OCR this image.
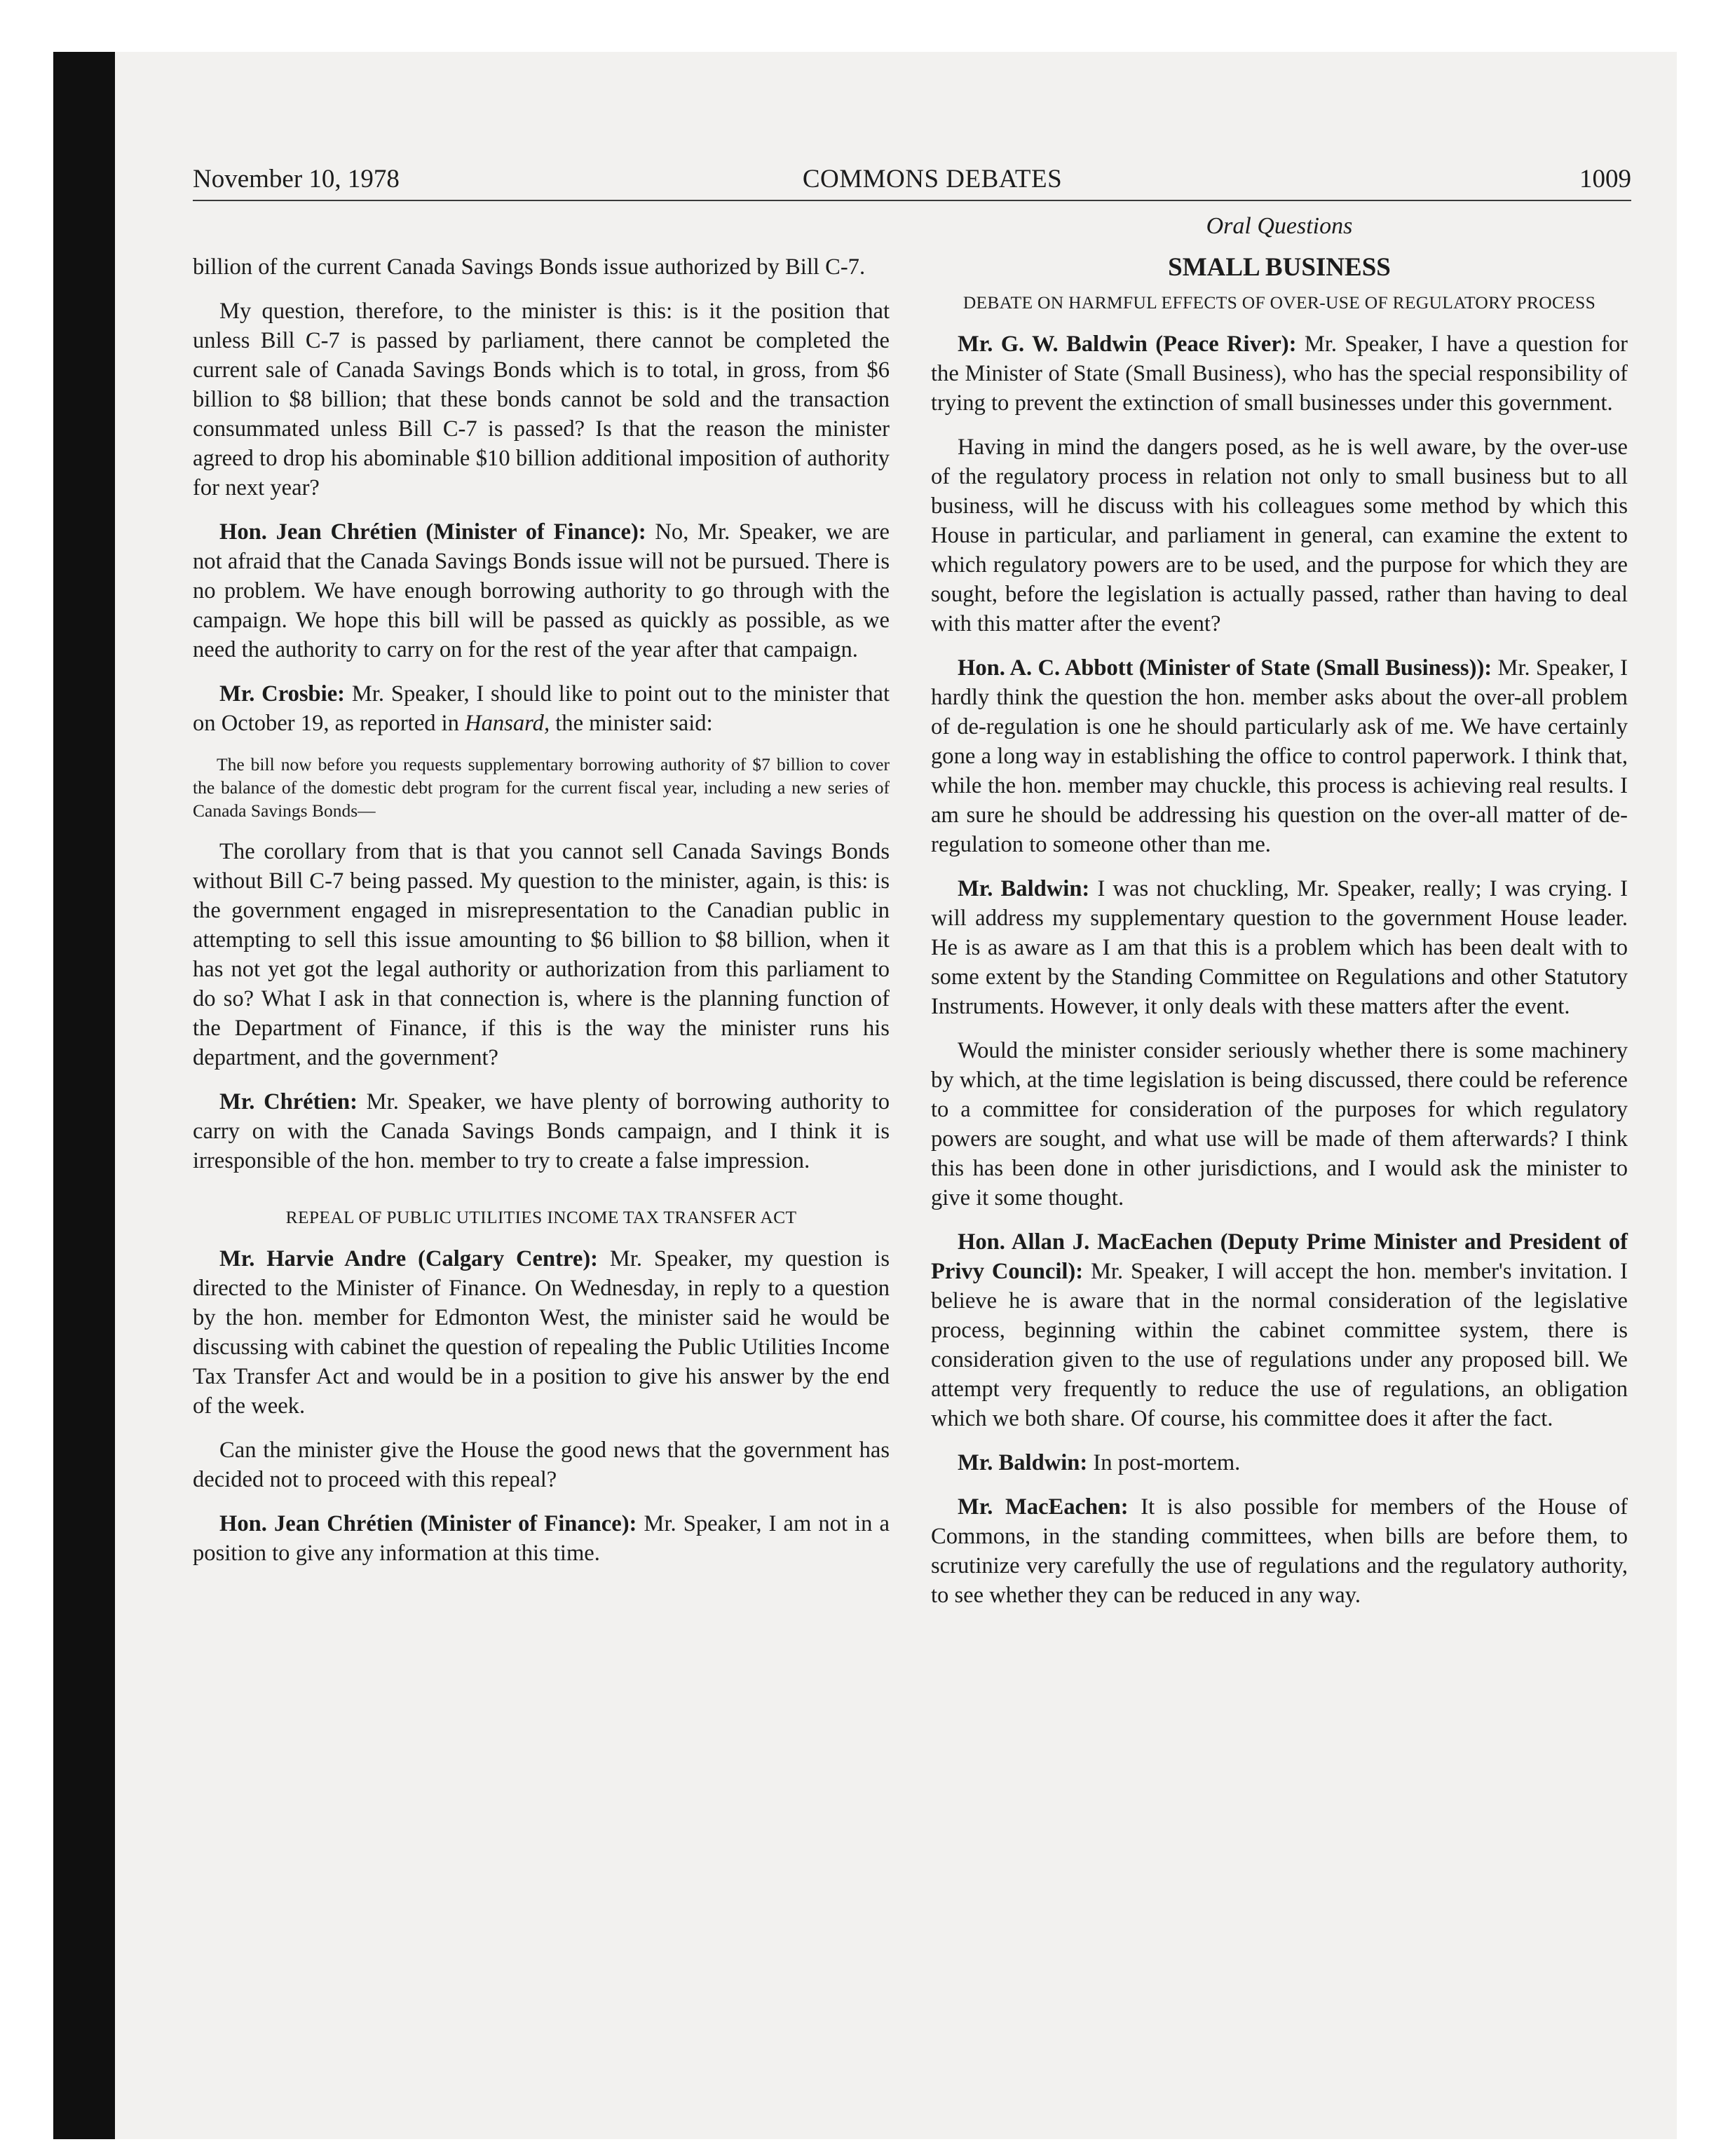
November 10, 1978	COMMONS DEBATES	1009

billion of the current Canada Savings Bonds issue authorized by Bill C-7.

My question, therefore, to the minister is this: is it the position that unless Bill C-7 is passed by parliament, there cannot be completed the current sale of Canada Savings Bonds which is to total, in gross, from $6 billion to $8 billion; that these bonds cannot be sold and the transaction consummated unless Bill C-7 is passed? Is that the reason the minister agreed to drop his abominable $10 billion additional imposition of authority for next year?

Hon. Jean Chrétien (Minister of Finance): No, Mr. Speaker, we are not afraid that the Canada Savings Bonds issue will not be pursued. There is no problem. We have enough borrowing authority to go through with the campaign. We hope this bill will be passed as quickly as possible, as we need the authority to carry on for the rest of the year after that campaign.

Mr. Crosbie: Mr. Speaker, I should like to point out to the minister that on October 19, as reported in Hansard, the minister said:

The bill now before you requests supplementary borrowing authority of $7 billion to cover the balance of the domestic debt program for the current fiscal year, including a new series of Canada Savings Bonds—

The corollary from that is that you cannot sell Canada Savings Bonds without Bill C-7 being passed. My question to the minister, again, is this: is the government engaged in misrepresentation to the Canadian public in attempting to sell this issue amounting to $6 billion to $8 billion, when it has not yet got the legal authority or authorization from this parliament to do so? What I ask in that connection is, where is the planning function of the Department of Finance, if this is the way the minister runs his department, and the government?

Mr. Chrétien: Mr. Speaker, we have plenty of borrowing authority to carry on with the Canada Savings Bonds campaign, and I think it is irresponsible of the hon. member to try to create a false impression.

REPEAL OF PUBLIC UTILITIES INCOME TAX TRANSFER ACT

Mr. Harvie Andre (Calgary Centre): Mr. Speaker, my question is directed to the Minister of Finance. On Wednesday, in reply to a question by the hon. member for Edmonton West, the minister said he would be discussing with cabinet the question of repealing the Public Utilities Income Tax Transfer Act and would be in a position to give his answer by the end of the week.

Can the minister give the House the good news that the government has decided not to proceed with this repeal?

Hon. Jean Chrétien (Minister of Finance): Mr. Speaker, I am not in a position to give any information at this time.

Oral Questions
SMALL BUSINESS
DEBATE ON HARMFUL EFFECTS OF OVER-USE OF REGULATORY PROCESS

Mr. G. W. Baldwin (Peace River): Mr. Speaker, I have a question for the Minister of State (Small Business), who has the special responsibility of trying to prevent the extinction of small businesses under this government.

Having in mind the dangers posed, as he is well aware, by the over-use of the regulatory process in relation not only to small business but to all business, will he discuss with his colleagues some method by which this House in particular, and parliament in general, can examine the extent to which regulatory powers are to be used, and the purpose for which they are sought, before the legislation is actually passed, rather than having to deal with this matter after the event?

Hon. A. C. Abbott (Minister of State (Small Business)): Mr. Speaker, I hardly think the question the hon. member asks about the over-all problem of de-regulation is one he should particularly ask of me. We have certainly gone a long way in establishing the office to control paperwork. I think that, while the hon. member may chuckle, this process is achieving real results. I am sure he should be addressing his question on the over-all matter of de-regulation to someone other than me.

Mr. Baldwin: I was not chuckling, Mr. Speaker, really; I was crying. I will address my supplementary question to the government House leader. He is as aware as I am that this is a problem which has been dealt with to some extent by the Standing Committee on Regulations and other Statutory Instruments. However, it only deals with these matters after the event.

Would the minister consider seriously whether there is some machinery by which, at the time legislation is being discussed, there could be reference to a committee for consideration of the purposes for which regulatory powers are sought, and what use will be made of them afterwards? I think this has been done in other jurisdictions, and I would ask the minister to give it some thought.

Hon. Allan J. MacEachen (Deputy Prime Minister and President of Privy Council): Mr. Speaker, I will accept the hon. member's invitation. I believe he is aware that in the normal consideration of the legislative process, beginning within the cabinet committee system, there is consideration given to the use of regulations under any proposed bill. We attempt very frequently to reduce the use of regulations, an obligation which we both share. Of course, his committee does it after the fact.

Mr. Baldwin: In post-mortem.

Mr. MacEachen: It is also possible for members of the House of Commons, in the standing committees, when bills are before them, to scrutinize very carefully the use of regulations and the regulatory authority, to see whether they can be reduced in any way.
